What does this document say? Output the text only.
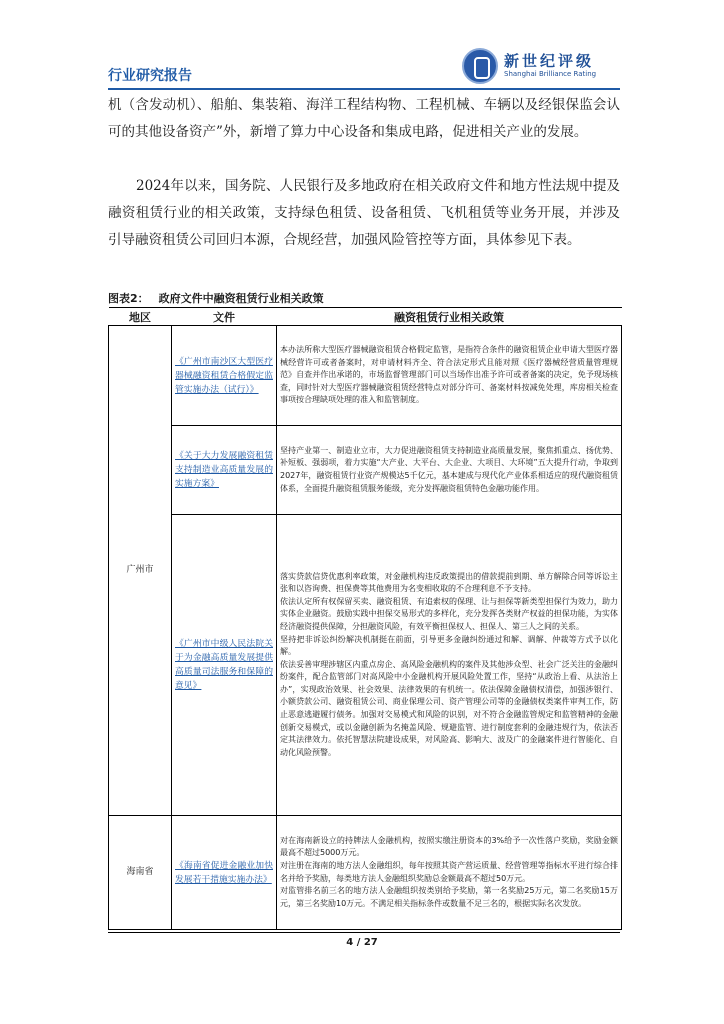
行业研究报告
新世纪评级
Shanghai Brilliance Rating

机（含发动机）、船舶、集装箱、海洋工程结构物、工程机械、车辆以及经银保监会认可的其他设备资产”外，新增了算力中心设备和集成电路，促进相关产业的发展。

2024年以来，国务院、人民银行及多地政府在相关政府文件和地方性法规中提及融资租赁行业的相关政策，支持绿色租赁、设备租赁、飞机租赁等业务开展，并涉及引导融资租赁公司回归本源，合规经营，加强风险管控等方面，具体参见下表。

图表2： 政府文件中融资租赁行业相关政策
地区	文件	融资租赁行业相关政策
广州市	《广州市南沙区大型医疗器械融资租赁合格假定监管实施办法（试行）》	本办法所称大型医疗器械融资租赁合格假定监管，是指符合条件的融资租赁企业申请大型医疗器械经营许可或者备案时，对申请材料齐全、符合法定形式且能对照《医疗器械经营质量管理规范》自查并作出承诺的，市场监督管理部门可以当场作出准予许可或者备案的决定，免予现场核查，同时针对大型医疗器械融资租赁经营特点对部分许可、备案材料按减免处理，库房相关检查事项按合理缺项处理的准入和监管制度。

	《关于大力发展融资租赁支持制造业高质量发展的实施方案》	坚持产业第一、制造业立市，大力促进融资租赁支持制造业高质量发展，聚焦抓重点、扬优势、补短板、强弱项，着力实施“大产业、大平台、大企业、大项目、大环境”五大提升行动，争取到2027年，融资租赁行业资产规模达5千亿元，基本建成与现代化产业体系相适应的现代融资租赁体系，全面提升融资租赁服务能级，充分发挥融资租赁特色金融功能作用。

	《广州市中级人民法院关于为金融高质量发展提供高质量司法服务和保障的意见》	落实贷款信贷优惠利率政策，对金融机构违反政策提出的借款提前到期、单方解除合同等诉讼主张和以咨询费、担保费等其他费用为名变相收取的不合理利息不予支持。

依法认定所有权保留买卖、融资租赁、有追索权的保理、让与担保等新类型担保行为效力，助力实体企业融资。鼓励实践中担保交易形式的多样化，充分发挥各类财产权益的担保功能，为实体经济融资提供保障，分担融资风险，有效平衡担保权人、担保人、第三人之间的关系。

坚持把非诉讼纠纷解决机制挺在前面，引导更多金融纠纷通过和解、调解、仲裁等方式予以化解。

依法妥善审理涉辖区内重点房企、高风险金融机构的案件及其他涉众型、社会广泛关注的金融纠纷案件，配合监管部门对高风险中小金融机构开展风险处置工作，坚持“从政治上看、从法治上办”，实现政治效果、社会效果、法律效果的有机统一。依法保障金融债权清偿，加强涉银行、小额贷款公司、融资租赁公司、商业保理公司、资产管理公司等的金融债权类案件审判工作，防止恶意逃避履行债务。加强对交易模式和风险的识别，对不符合金融监管规定和监管精神的金融创新交易模式，或以金融创新为名掩盖风险、规避监管、进行制度套利的金融违规行为，依法否定其法律效力。依托智慧法院建设成果，对风险高、影响大、波及广的金融案件进行智能化、自动化风险预警。

海南省	《海南省促进金融业加快发展若干措施实施办法》	对在海南新设立的持牌法人金融机构，按照实缴注册资本的3%给予一次性落户奖励，奖励金额最高不超过5000万元。

对注册在海南的地方法人金融组织，每年按照其资产营运质量、经营管理等指标水平进行综合排名并给予奖励，每类地方法人金融组织奖励总金额最高不超过50万元。

对监管排名前三名的地方法人金融组织按类别给予奖励，第一名奖励25万元，第二名奖励15万元，第三名奖励10万元。不满足相关指标条件或数量不足三名的，根据实际名次发放。

4 / 27
